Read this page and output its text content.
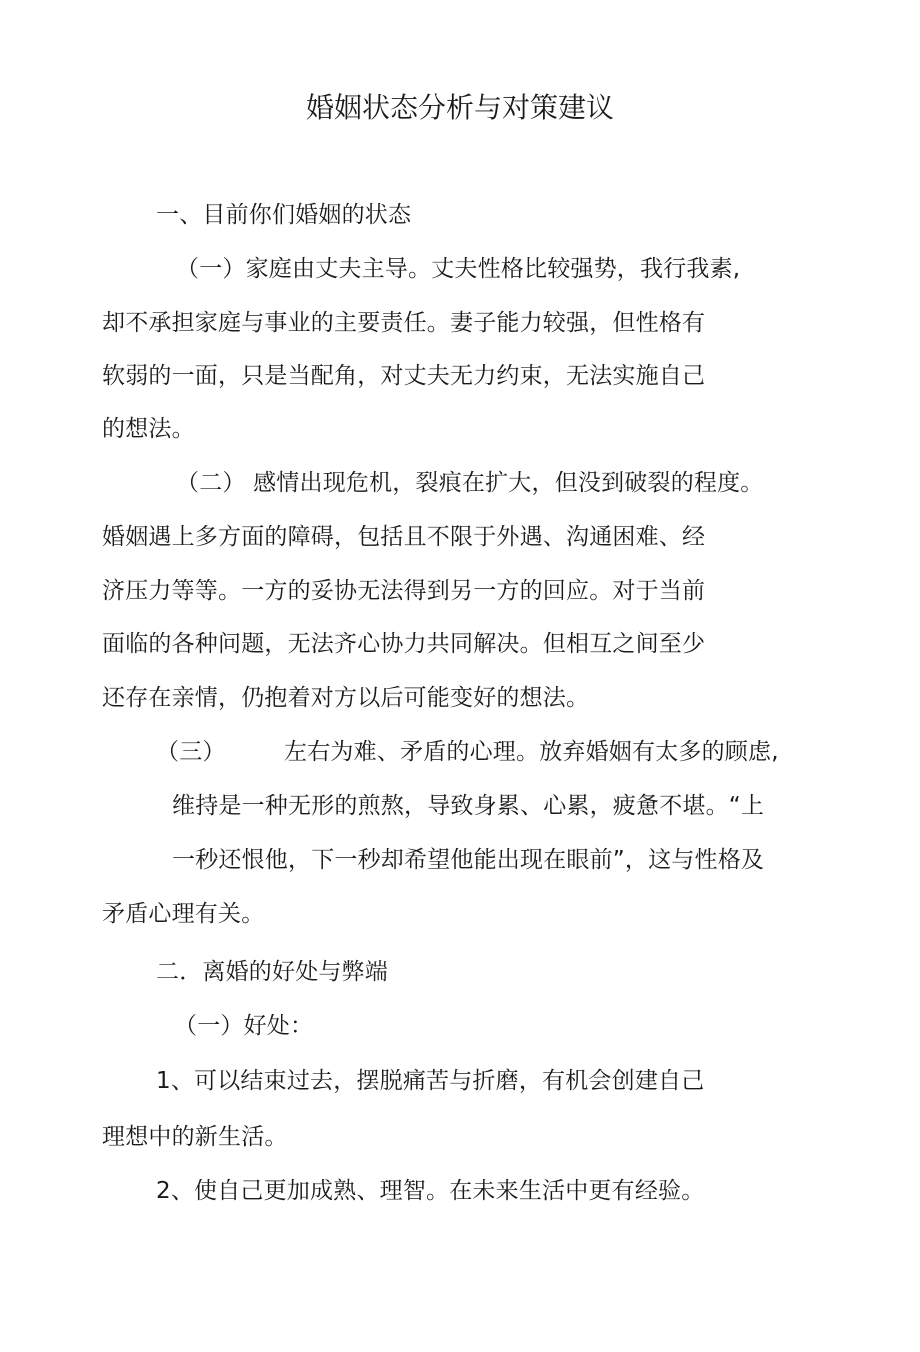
婚姻状态分析与对策建议
一、目前你们婚姻的状态
（一）家庭由丈夫主导。丈夫性格比较强势，我行我素,
却不承担家庭与事业的主要责任。妻子能力较强，但性格有
软弱的一面，只是当配角，对丈夫无力约束，无法实施自己
的想法。
（二） 感情出现危机，裂痕在扩大，但没到破裂的程度。
婚姻遇上多方面的障碍，包括且不限于外遇、沟通困难、经
济压力等等。一方的妥协无法得到另一方的回应。对于当前
面临的各种问题，无法齐心协力共同解决。但相互之间至少
还存在亲情，仍抱着对方以后可能变好的想法。
（三）	左右为难、矛盾的心理。放弃婚姻有太多的顾虑,
维持是一种无形的煎熬，导致身累、心累，疲惫不堪。“上
一秒还恨他，下一秒却希望他能出现在眼前”，这与性格及
矛盾心理有关。
二．离婚的好处与弊端
（一）好处：
1、可以结束过去，摆脱痛苦与折磨，有机会创建自己
理想中的新生活。
2、使自己更加成熟、理智。在未来生活中更有经验。
